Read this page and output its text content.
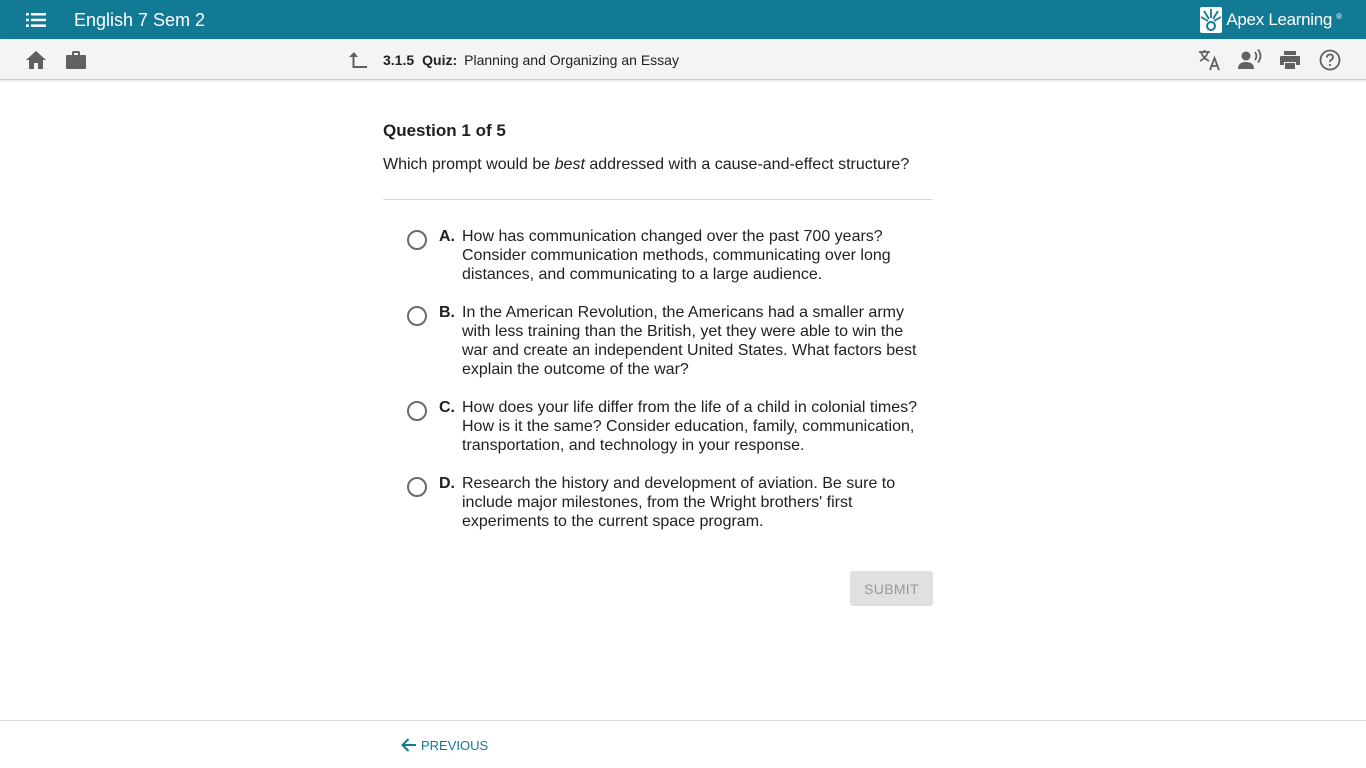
English 7 Sem 2	Apex Learning ®
3.1.5 Quiz: Planning and Organizing an Essay
Question 1 of 5
Which prompt would be best addressed with a cause-and-effect structure?
A. How has communication changed over the past 700 years? Consider communication methods, communicating over long distances, and communicating to a large audience.
B. In the American Revolution, the Americans had a smaller army with less training than the British, yet they were able to win the war and create an independent United States. What factors best explain the outcome of the war?
C. How does your life differ from the life of a child in colonial times? How is it the same? Consider education, family, communication, transportation, and technology in your response.
D. Research the history and development of aviation. Be sure to include major milestones, from the Wright brothers' first experiments to the current space program.
SUBMIT
PREVIOUS
